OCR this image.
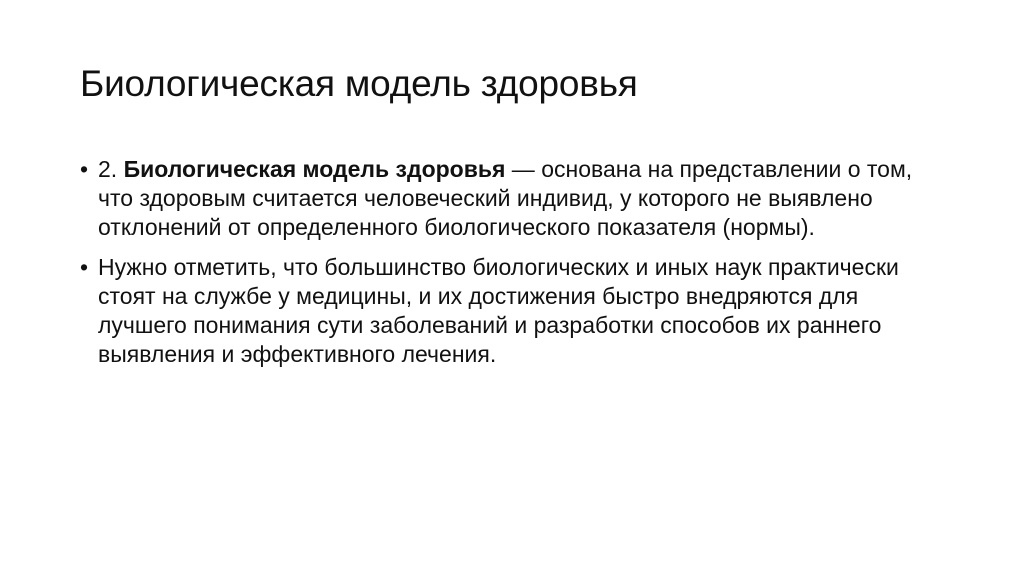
Биологическая модель здоровья
• 2. Биологическая модель здоровья — основана на представлении о том, что здоровым считается человеческий индивид, у которого не выявлено отклонений от определенного биологического показателя (нормы).
• Нужно отметить, что большинство биологических и иных наук практически стоят на службе у медицины, и их достижения быстро внедряются для лучшего понимания сути заболеваний и разработки способов их раннего выявления и эффективного лечения.
